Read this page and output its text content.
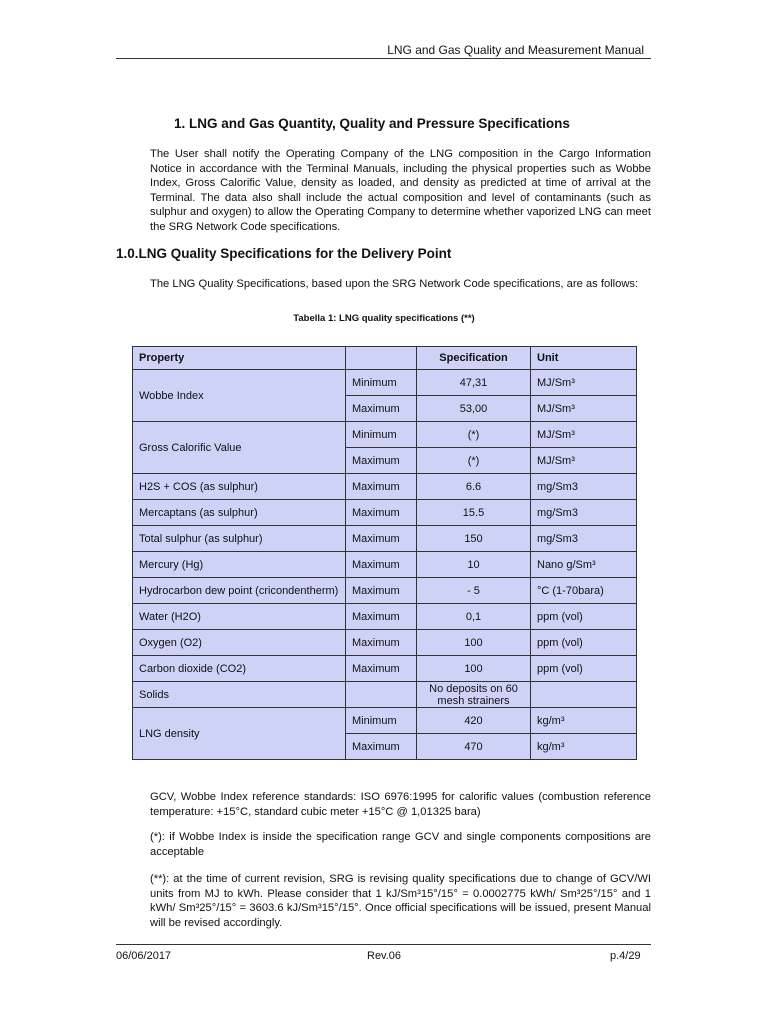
LNG and Gas Quality and Measurement Manual
1. LNG and Gas Quantity, Quality and Pressure Specifications

The User shall notify the Operating Company of the LNG composition in the Cargo Information Notice in accordance with the Terminal Manuals, including the physical properties such as Wobbe Index, Gross Calorific Value, density as loaded, and density as predicted at time of arrival at the Terminal. The data also shall include the actual composition and level of contaminants (such as sulphur and oxygen) to allow the Operating Company to determine whether vaporized LNG can meet the SRG Network Code specifications.

1.0.LNG Quality Specifications for the Delivery Point

The LNG Quality Specifications, based upon the SRG Network Code specifications, are as follows:

Tabella 1: LNG quality specifications (**)
Property		Specification	Unit
Wobbe Index	Minimum	47,31	MJ/Sm³
	Maximum	53,00	MJ/Sm³
Gross Calorific Value	Minimum	(*)	MJ/Sm³
	Maximum	(*)	MJ/Sm³
H2S + COS (as sulphur)	Maximum	6.6	mg/Sm3
Mercaptans (as sulphur)	Maximum	15.5	mg/Sm3
Total sulphur (as sulphur)	Maximum	150	mg/Sm3
Mercury (Hg)	Maximum	10	Nano g/Sm³
Hydrocarbon dew point (cricondentherm)	Maximum	- 5	°C (1-70bara)
Water (H2O)	Maximum	0,1	ppm (vol)
Oxygen (O2)	Maximum	100	ppm (vol)
Carbon dioxide (CO2)	Maximum	100	ppm (vol)
Solids		No deposits on 60 mesh strainers	
LNG density	Minimum	420	kg/m³
	Maximum	470	kg/m³

GCV, Wobbe Index reference standards: ISO 6976:1995 for calorific values (combustion reference temperature: +15°C, standard cubic meter +15°C @ 1,01325 bara)

(*): if Wobbe Index is inside the specification range GCV and single components compositions are acceptable

(**): at the time of current revision, SRG is revising quality specifications due to change of GCV/WI units from MJ to kWh. Please consider that 1 kJ/Sm³15°/15° = 0.0002775 kWh/ Sm³25°/15° and 1 kWh/ Sm³25°/15° = 3603.6 kJ/Sm³15°/15°. Once official specifications will be issued, present Manual will be revised accordingly.

06/06/2017	Rev.06	p.4/29
